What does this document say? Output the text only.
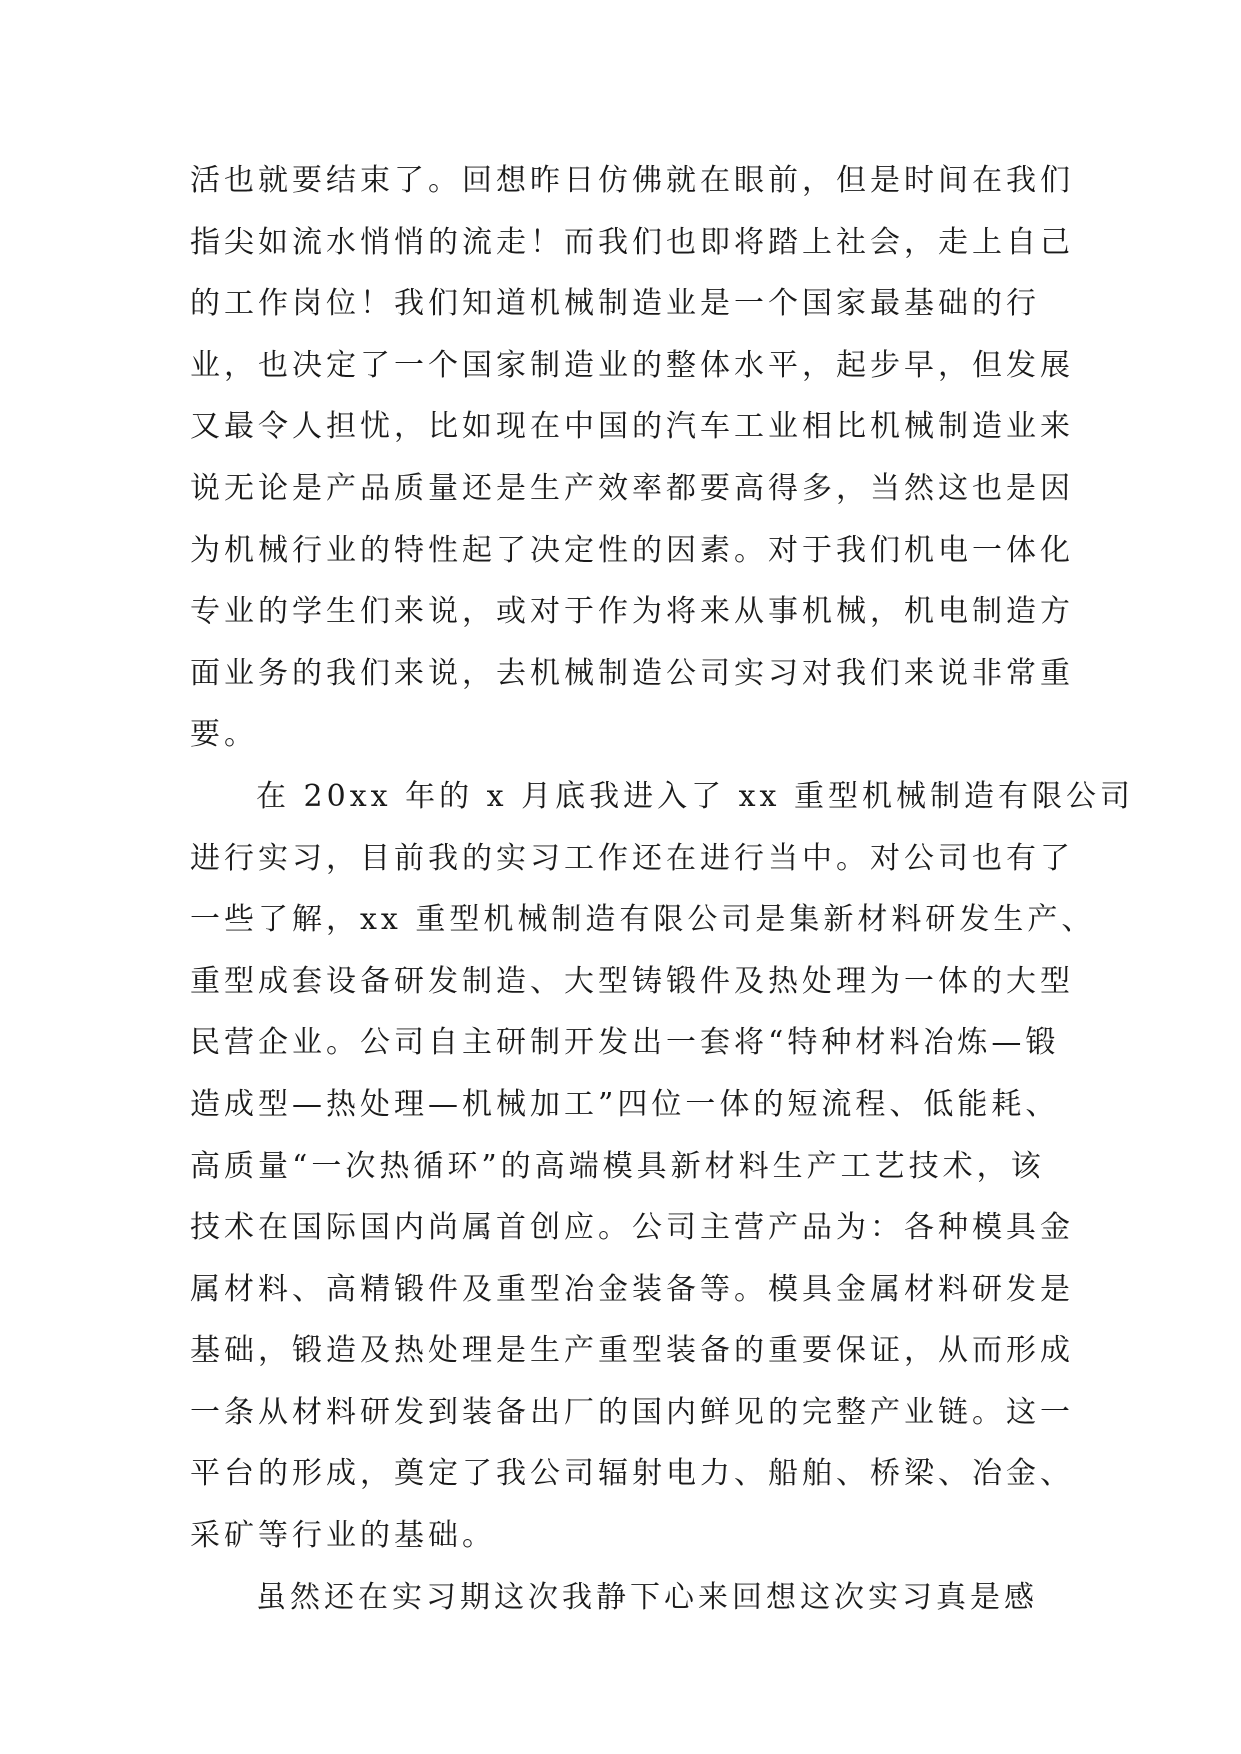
活也就要结束了。回想昨日仿佛就在眼前，但是时间在我们
指尖如流水悄悄的流走！而我们也即将踏上社会，走上自己
的工作岗位！我们知道机械制造业是一个国家最基础的行
业，也决定了一个国家制造业的整体水平，起步早，但发展
又最令人担忧，比如现在中国的汽车工业相比机械制造业来
说无论是产品质量还是生产效率都要高得多，当然这也是因
为机械行业的特性起了决定性的因素。对于我们机电一体化
专业的学生们来说，或对于作为将来从事机械，机电制造方
面业务的我们来说，去机械制造公司实习对我们来说非常重
要。
在 20xx 年的 x 月底我进入了 xx 重型机械制造有限公司
进行实习，目前我的实习工作还在进行当中。对公司也有了
一些了解，xx 重型机械制造有限公司是集新材料研发生产、
重型成套设备研发制造、大型铸锻件及热处理为一体的大型
民营企业。公司自主研制开发出一套将“特种材料冶炼—锻
造成型—热处理—机械加工”四位一体的短流程、低能耗、
高质量“一次热循环”的高端模具新材料生产工艺技术，该
技术在国际国内尚属首创应。公司主营产品为：各种模具金
属材料、高精锻件及重型冶金装备等。模具金属材料研发是
基础，锻造及热处理是生产重型装备的重要保证，从而形成
一条从材料研发到装备出厂的国内鲜见的完整产业链。这一
平台的形成，奠定了我公司辐射电力、船舶、桥梁、冶金、
采矿等行业的基础。
虽然还在实习期这次我静下心来回想这次实习真是感
